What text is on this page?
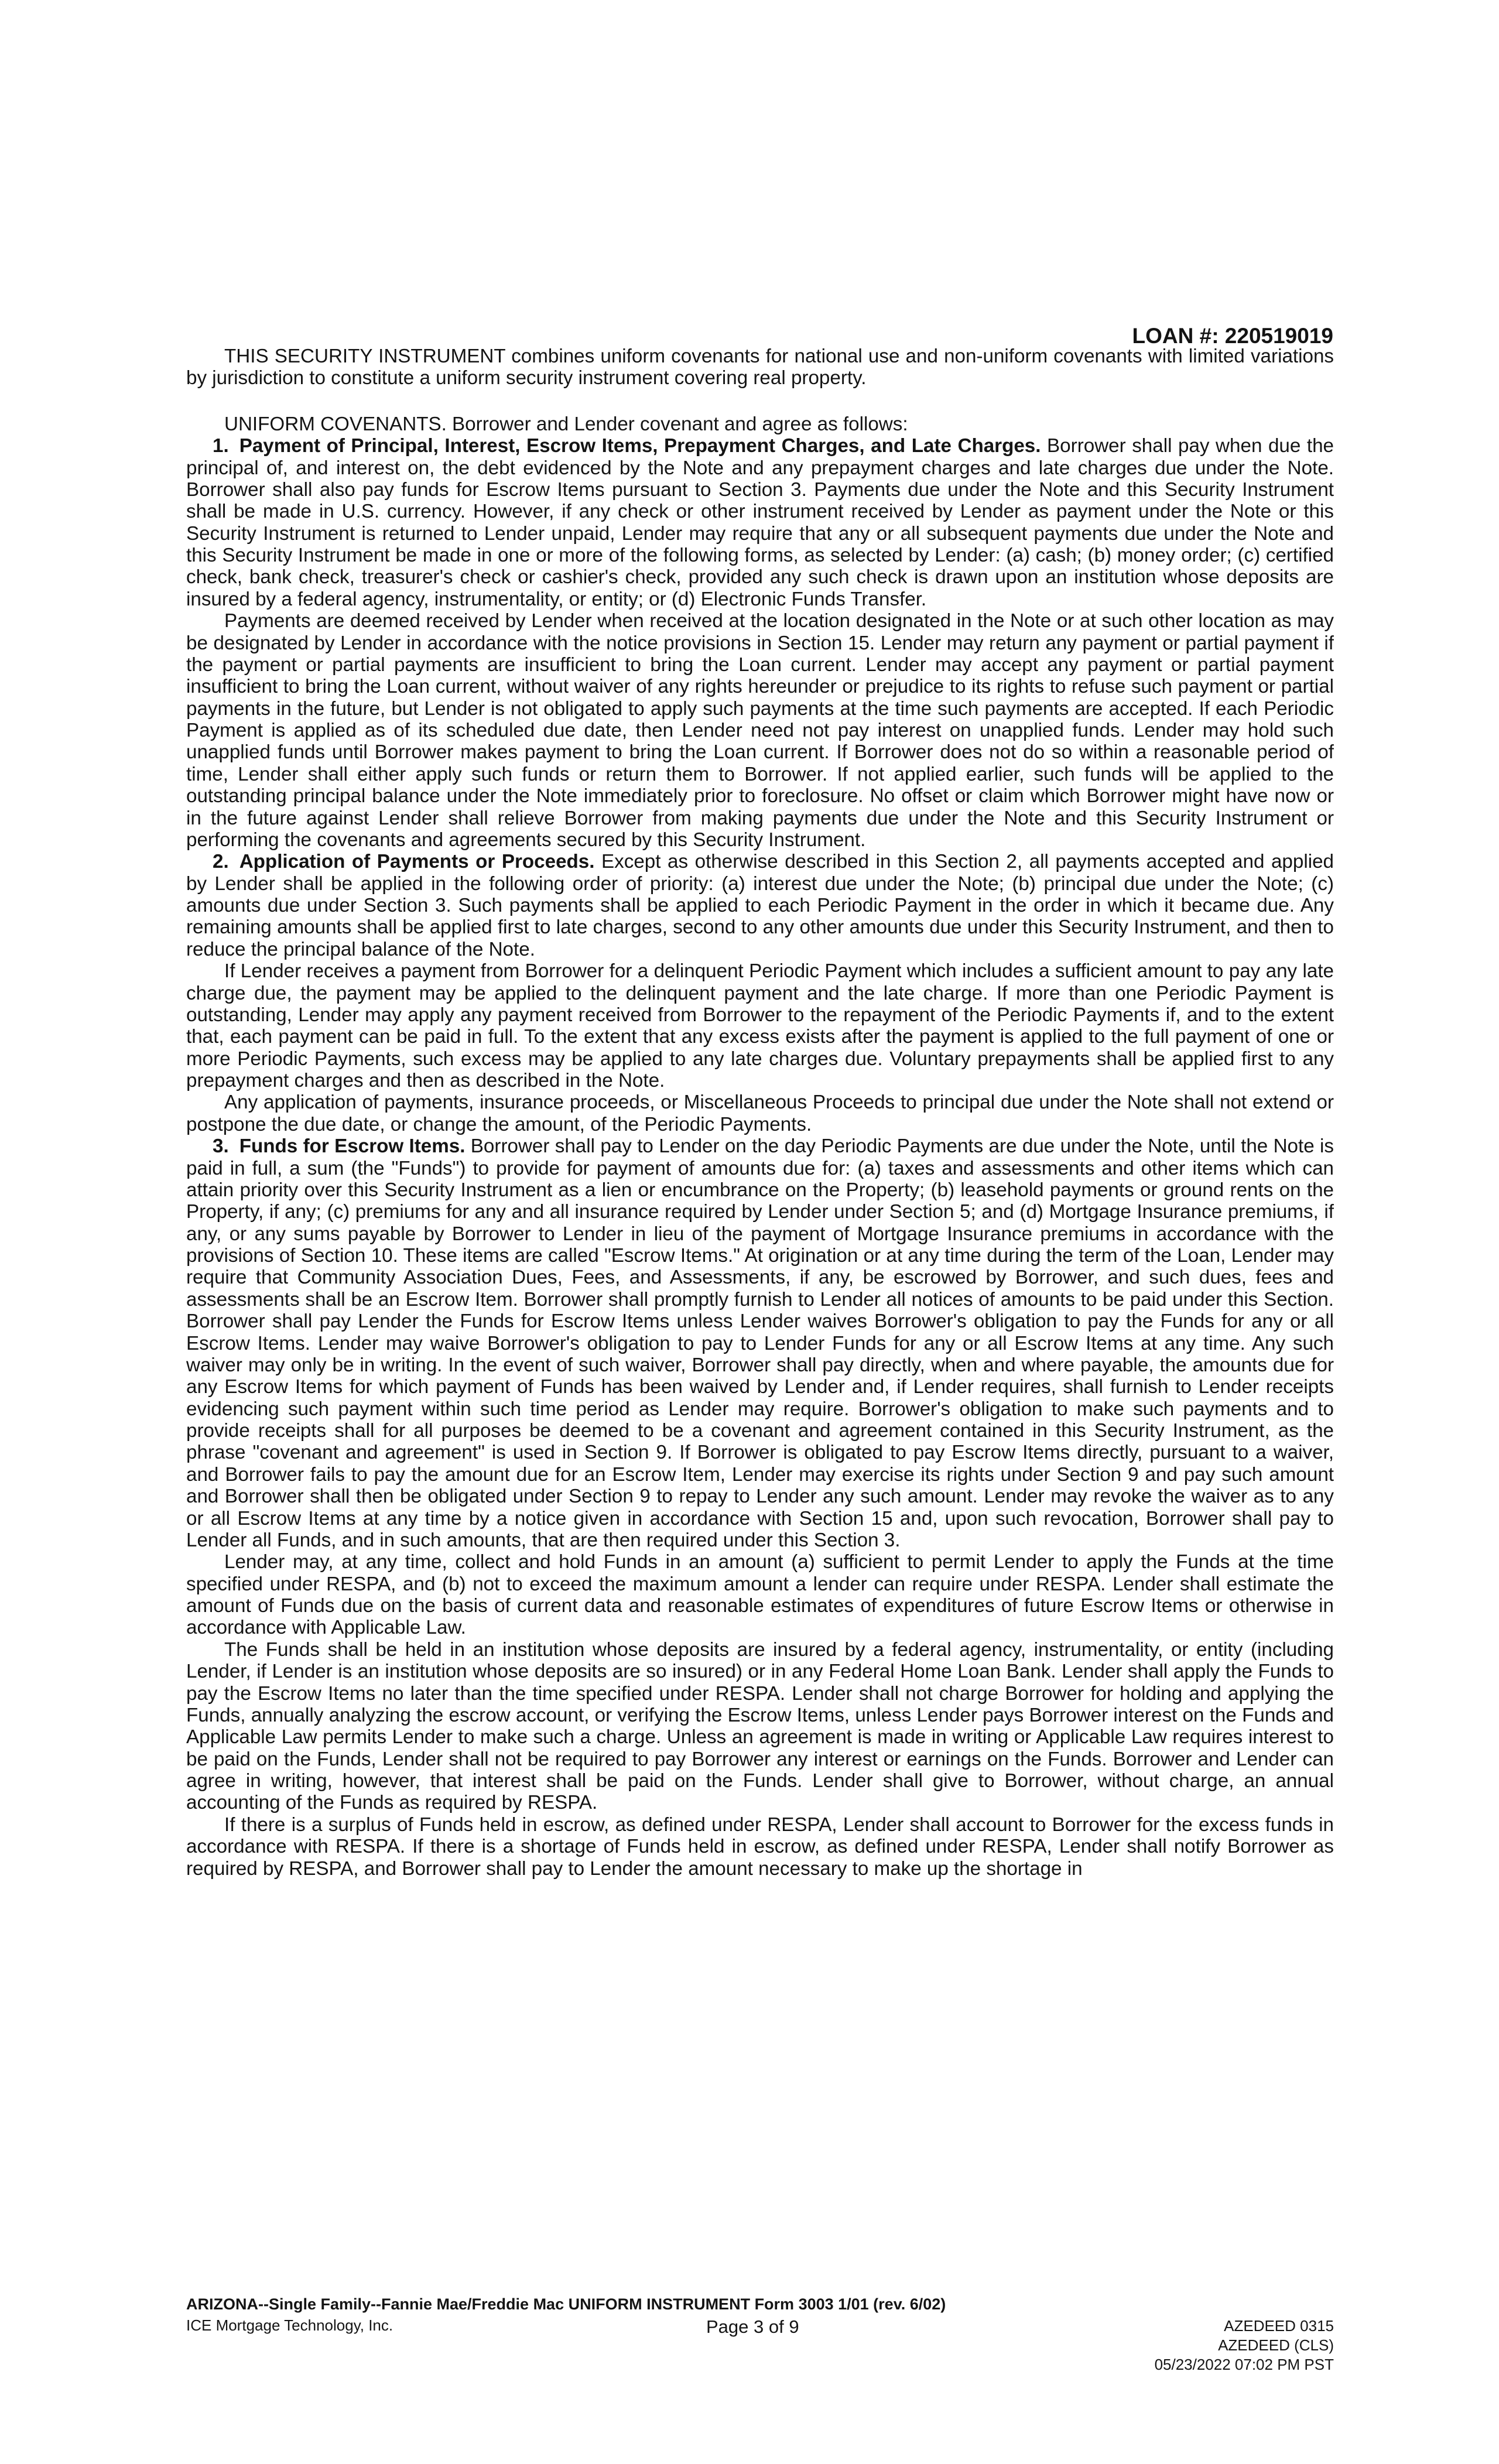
LOAN #: 220519019

THIS SECURITY INSTRUMENT combines uniform covenants for national use and non-uniform covenants with limited variations by jurisdiction to constitute a uniform security instrument covering real property.

UNIFORM COVENANTS. Borrower and Lender covenant and agree as follows:

1. Payment of Principal, Interest, Escrow Items, Prepayment Charges, and Late Charges. Borrower shall pay when due the principal of, and interest on, the debt evidenced by the Note and any prepayment charges and late charges due under the Note. Borrower shall also pay funds for Escrow Items pursuant to Section 3. Payments due under the Note and this Security Instrument shall be made in U.S. currency. However, if any check or other instrument received by Lender as payment under the Note or this Security Instrument is returned to Lender unpaid, Lender may require that any or all subsequent payments due under the Note and this Security Instrument be made in one or more of the following forms, as selected by Lender: (a) cash; (b) money order; (c) certified check, bank check, treasurer's check or cashier's check, provided any such check is drawn upon an institution whose deposits are insured by a federal agency, instrumentality, or entity; or (d) Electronic Funds Transfer.

Payments are deemed received by Lender when received at the location designated in the Note or at such other location as may be designated by Lender in accordance with the notice provisions in Section 15. Lender may return any payment or partial payment if the payment or partial payments are insufficient to bring the Loan current. Lender may accept any payment or partial payment insufficient to bring the Loan current, without waiver of any rights hereunder or prejudice to its rights to refuse such payment or partial payments in the future, but Lender is not obligated to apply such payments at the time such payments are accepted. If each Periodic Payment is applied as of its scheduled due date, then Lender need not pay interest on unapplied funds. Lender may hold such unapplied funds until Borrower makes payment to bring the Loan current. If Borrower does not do so within a reasonable period of time, Lender shall either apply such funds or return them to Borrower. If not applied earlier, such funds will be applied to the outstanding principal balance under the Note immediately prior to foreclosure. No offset or claim which Borrower might have now or in the future against Lender shall relieve Borrower from making payments due under the Note and this Security Instrument or performing the covenants and agreements secured by this Security Instrument.

2. Application of Payments or Proceeds. Except as otherwise described in this Section 2, all payments accepted and applied by Lender shall be applied in the following order of priority: (a) interest due under the Note; (b) principal due under the Note; (c) amounts due under Section 3. Such payments shall be applied to each Periodic Payment in the order in which it became due. Any remaining amounts shall be applied first to late charges, second to any other amounts due under this Security Instrument, and then to reduce the principal balance of the Note.

If Lender receives a payment from Borrower for a delinquent Periodic Payment which includes a sufficient amount to pay any late charge due, the payment may be applied to the delinquent payment and the late charge. If more than one Periodic Payment is outstanding, Lender may apply any payment received from Borrower to the repayment of the Periodic Payments if, and to the extent that, each payment can be paid in full. To the extent that any excess exists after the payment is applied to the full payment of one or more Periodic Payments, such excess may be applied to any late charges due. Voluntary prepayments shall be applied first to any prepayment charges and then as described in the Note.

Any application of payments, insurance proceeds, or Miscellaneous Proceeds to principal due under the Note shall not extend or postpone the due date, or change the amount, of the Periodic Payments.

3. Funds for Escrow Items. Borrower shall pay to Lender on the day Periodic Payments are due under the Note, until the Note is paid in full, a sum (the "Funds") to provide for payment of amounts due for: (a) taxes and assessments and other items which can attain priority over this Security Instrument as a lien or encumbrance on the Property; (b) leasehold payments or ground rents on the Property, if any; (c) premiums for any and all insurance required by Lender under Section 5; and (d) Mortgage Insurance premiums, if any, or any sums payable by Borrower to Lender in lieu of the payment of Mortgage Insurance premiums in accordance with the provisions of Section 10. These items are called "Escrow Items." At origination or at any time during the term of the Loan, Lender may require that Community Association Dues, Fees, and Assessments, if any, be escrowed by Borrower, and such dues, fees and assessments shall be an Escrow Item. Borrower shall promptly furnish to Lender all notices of amounts to be paid under this Section. Borrower shall pay Lender the Funds for Escrow Items unless Lender waives Borrower's obligation to pay the Funds for any or all Escrow Items. Lender may waive Borrower's obligation to pay to Lender Funds for any or all Escrow Items at any time. Any such waiver may only be in writing. In the event of such waiver, Borrower shall pay directly, when and where payable, the amounts due for any Escrow Items for which payment of Funds has been waived by Lender and, if Lender requires, shall furnish to Lender receipts evidencing such payment within such time period as Lender may require. Borrower's obligation to make such payments and to provide receipts shall for all purposes be deemed to be a covenant and agreement contained in this Security Instrument, as the phrase "covenant and agreement" is used in Section 9. If Borrower is obligated to pay Escrow Items directly, pursuant to a waiver, and Borrower fails to pay the amount due for an Escrow Item, Lender may exercise its rights under Section 9 and pay such amount and Borrower shall then be obligated under Section 9 to repay to Lender any such amount. Lender may revoke the waiver as to any or all Escrow Items at any time by a notice given in accordance with Section 15 and, upon such revocation, Borrower shall pay to Lender all Funds, and in such amounts, that are then required under this Section 3.

Lender may, at any time, collect and hold Funds in an amount (a) sufficient to permit Lender to apply the Funds at the time specified under RESPA, and (b) not to exceed the maximum amount a lender can require under RESPA. Lender shall estimate the amount of Funds due on the basis of current data and reasonable estimates of expenditures of future Escrow Items or otherwise in accordance with Applicable Law.

The Funds shall be held in an institution whose deposits are insured by a federal agency, instrumentality, or entity (including Lender, if Lender is an institution whose deposits are so insured) or in any Federal Home Loan Bank. Lender shall apply the Funds to pay the Escrow Items no later than the time specified under RESPA. Lender shall not charge Borrower for holding and applying the Funds, annually analyzing the escrow account, or verifying the Escrow Items, unless Lender pays Borrower interest on the Funds and Applicable Law permits Lender to make such a charge. Unless an agreement is made in writing or Applicable Law requires interest to be paid on the Funds, Lender shall not be required to pay Borrower any interest or earnings on the Funds. Borrower and Lender can agree in writing, however, that interest shall be paid on the Funds. Lender shall give to Borrower, without charge, an annual accounting of the Funds as required by RESPA.

If there is a surplus of Funds held in escrow, as defined under RESPA, Lender shall account to Borrower for the excess funds in accordance with RESPA. If there is a shortage of Funds held in escrow, as defined under RESPA, Lender shall notify Borrower as required by RESPA, and Borrower shall pay to Lender the amount necessary to make up the shortage in

ARIZONA--Single Family--Fannie Mae/Freddie Mac UNIFORM INSTRUMENT Form 3003 1/01 (rev. 6/02)
ICE Mortgage Technology, Inc.	Page 3 of 9	AZEDEED 0315
AZEDEED (CLS)
05/23/2022 07:02 PM PST
